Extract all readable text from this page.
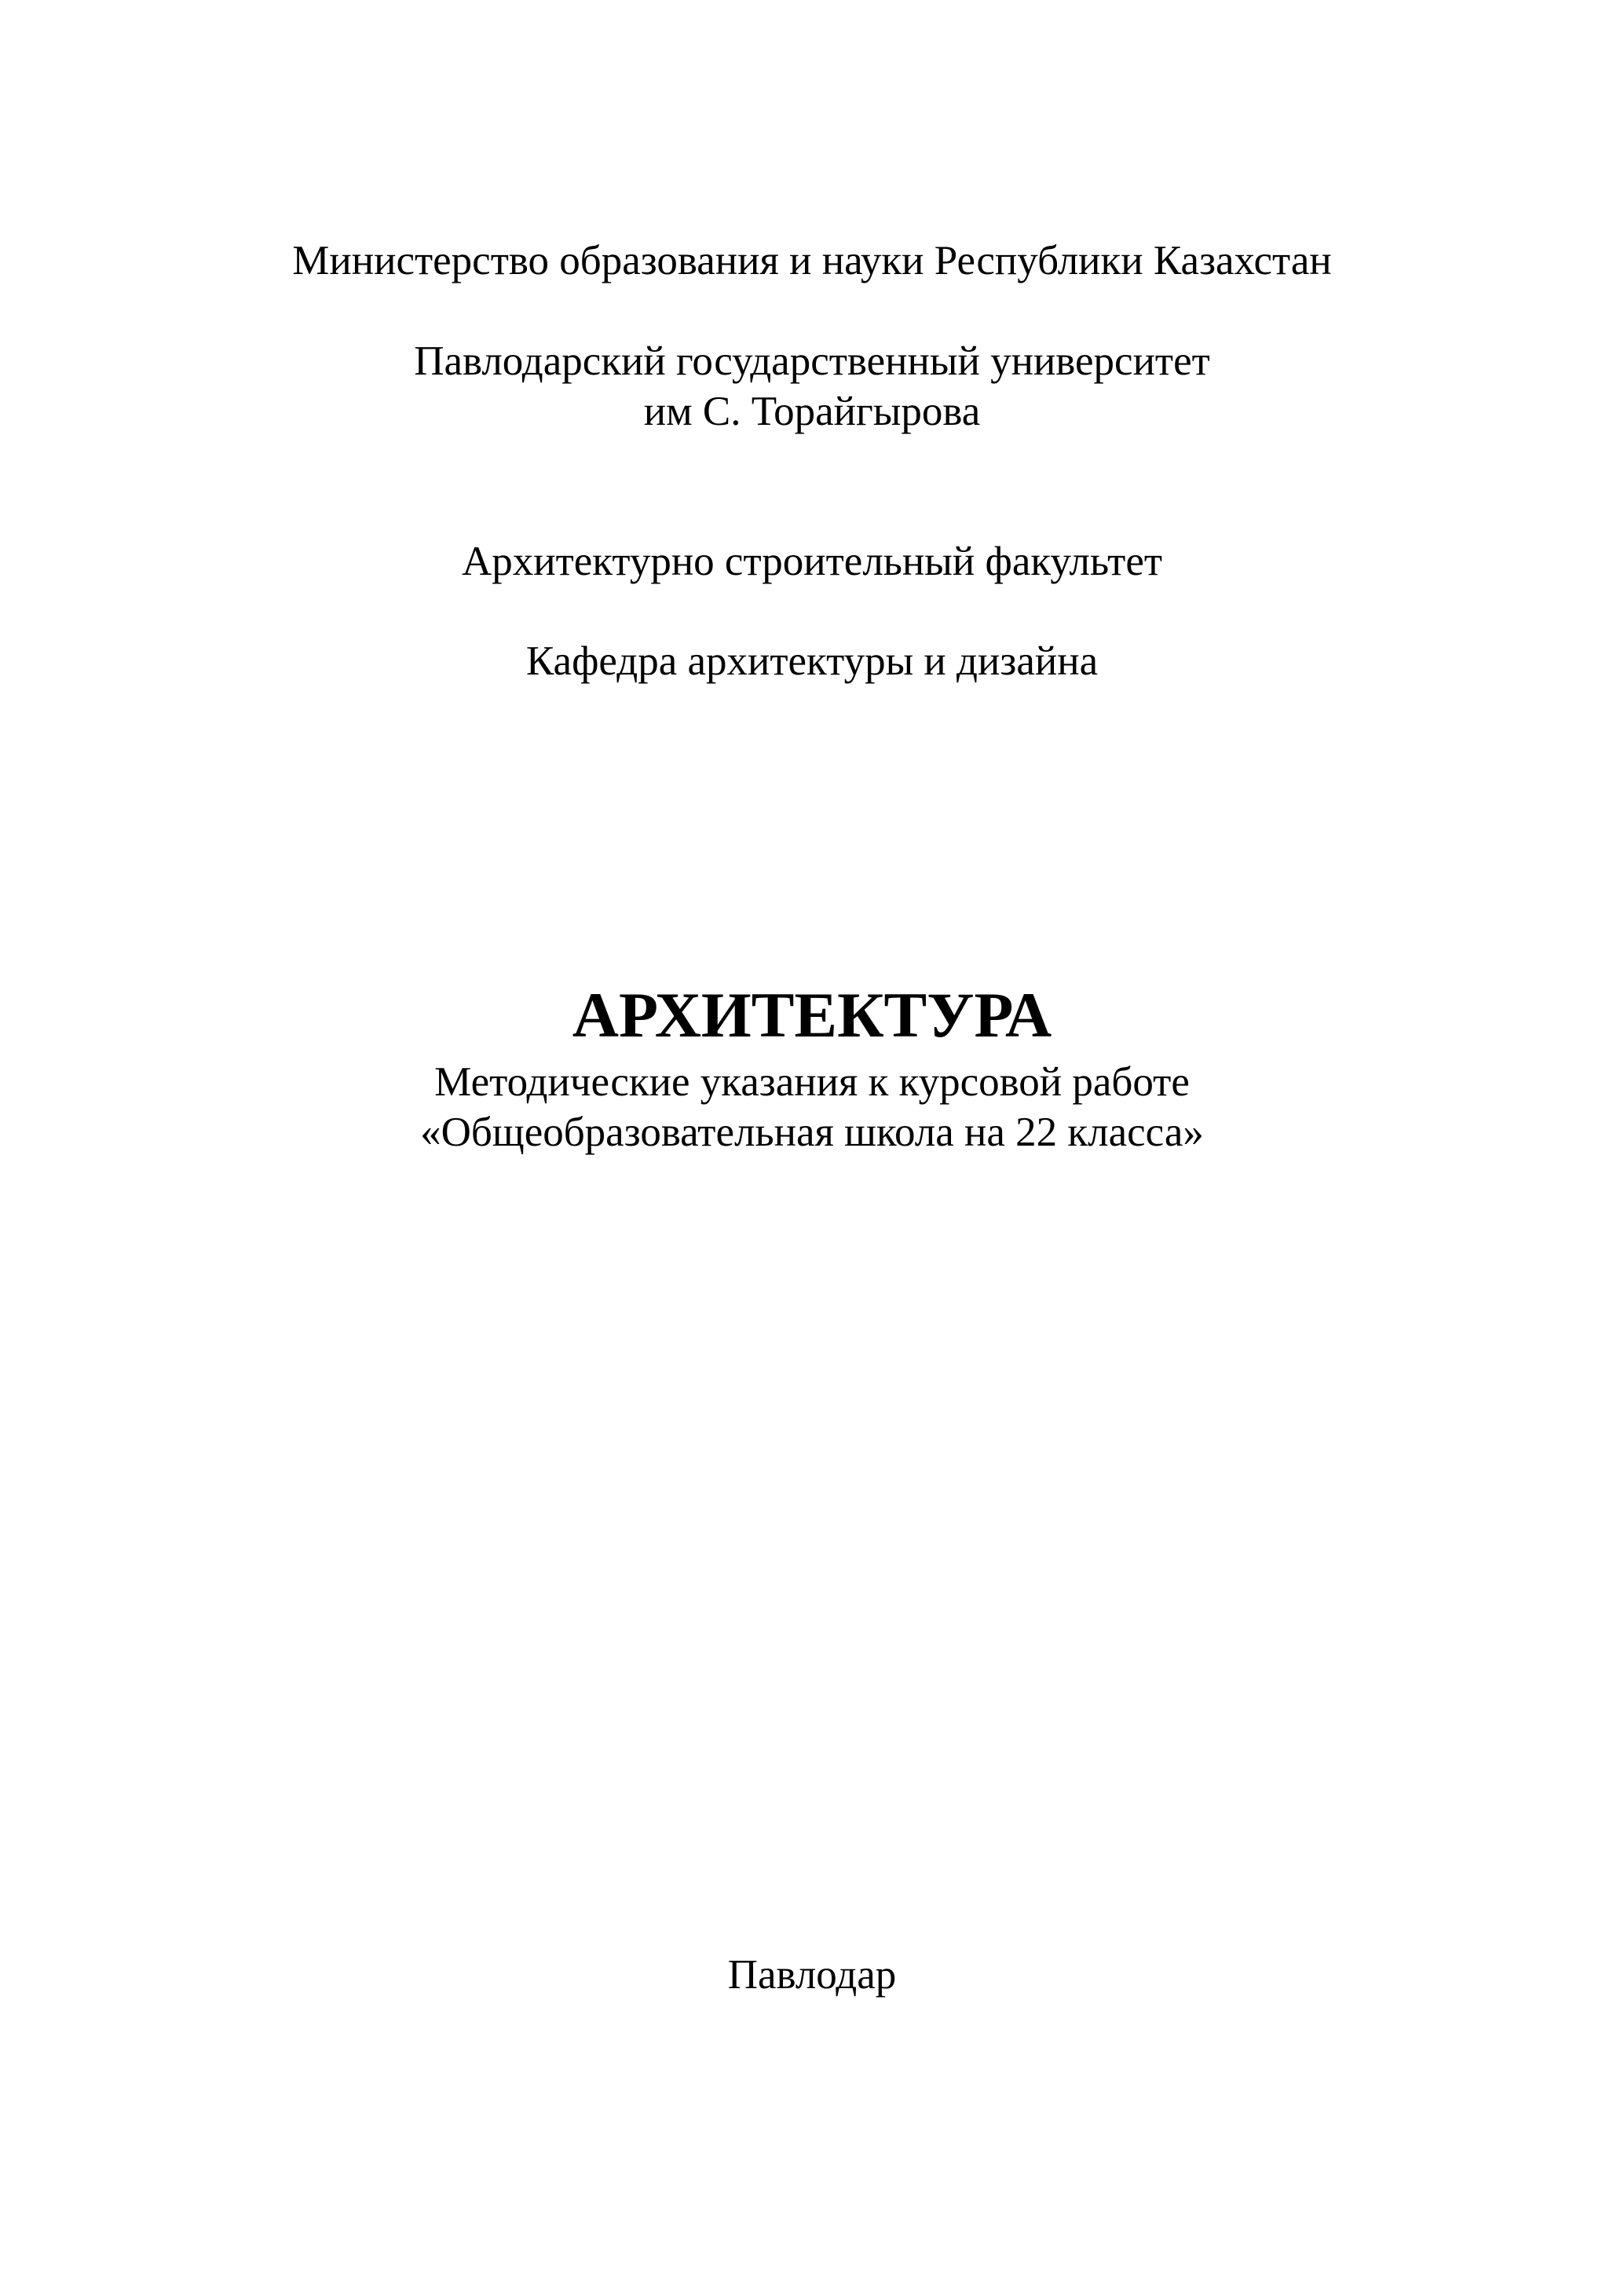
Министерство образования и науки Республики Казахстан
Павлодарский государственный университет
им С. Торайгырова
Архитектурно строительный факультет
Кафедра архитектуры и дизайна
АРХИТЕКТУРА
Методические указания к курсовой работе
«Общеобразовательная школа на 22 класса»
Павлодар
